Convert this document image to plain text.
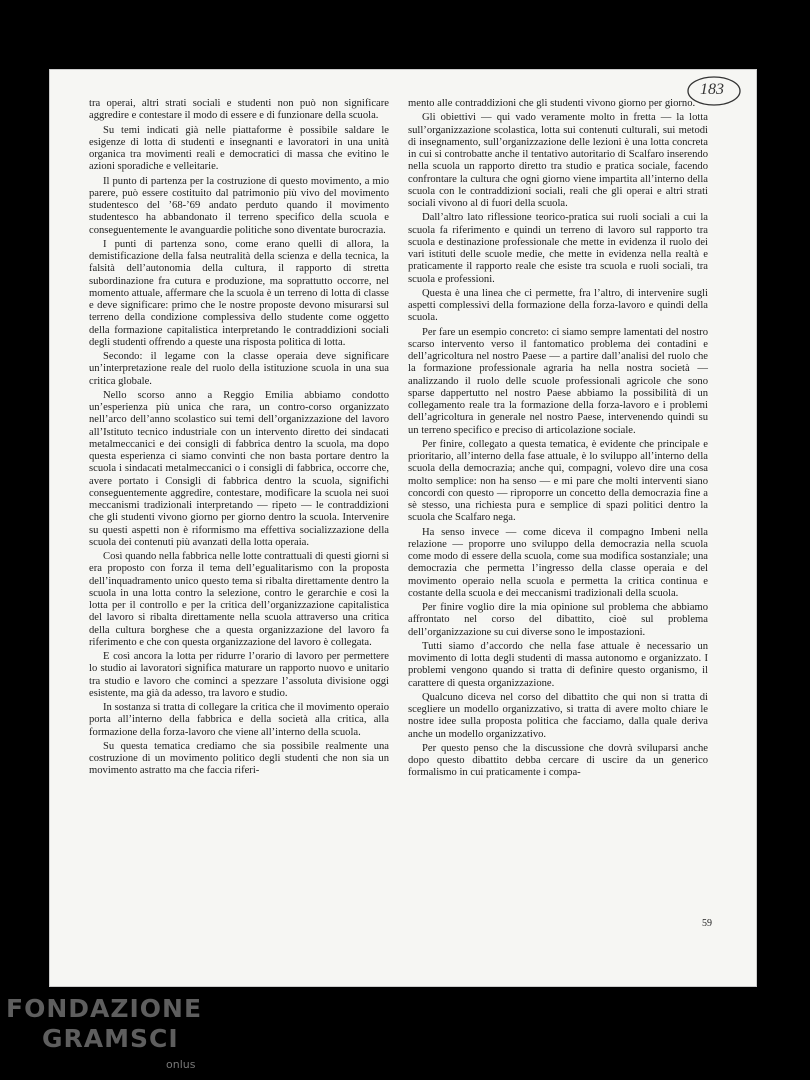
183

tra operai, altri strati sociali e studenti non può non significare aggredire e contestare il modo di essere e di funzionare della scuola.

Su temi indicati già nelle piattaforme è possibile saldare le esigenze di lotta di studenti e insegnanti e lavoratori in una unità organica tra movimenti reali e democratici di massa che evitino le azioni sporadiche e velleitarie.

Il punto di partenza per la costruzione di questo movimento, a mio parere, può essere costituito dal patrimonio più vivo del movimento studentesco del ’68-’69 andato perduto quando il movimento studentesco ha abbandonato il terreno specifico della scuola e conseguentemente le avanguardie politiche sono diventate burocrazia.

I punti di partenza sono, come erano quelli di allora, la demistificazione della falsa neutralità della scienza e della tecnica, la falsità dell’autonomia della cultura, il rapporto di stretta subordinazione fra cutura e produzione, ma soprattutto occorre, nel momento attuale, affermare che la scuola è un terreno di lotta di classe e deve significare: primo che le nostre proposte devono misurarsi sul terreno della condizione complessiva dello studente come oggetto della formazione capitalistica interpretando le contraddizioni sociali degli studenti offrendo a queste una risposta politica di lotta.

Secondo: il legame con la classe operaia deve significare un’interpretazione reale del ruolo della istituzione scuola in una sua critica globale.

Nello scorso anno a Reggio Emilia abbiamo condotto un’esperienza più unica che rara, un contro-corso organizzato nell’arco dell’anno scolastico sui temi dell’organizzazione del lavoro all’Istituto tecnico industriale con un intervento diretto dei sindacati metalmeccanici e dei consigli di fabbrica dentro la scuola, ma dopo questa esperienza ci siamo convinti che non basta portare dentro la scuola i sindacati metalmeccanici o i consigli di fabbrica, occorre che, avere portato i Consigli di fabbrica dentro la scuola, significhi conseguentemente aggredire, contestare, modificare la scuola nei suoi meccanismi tradizionali interpretando — ripeto — le contraddizioni che gli studenti vivono giorno per giorno dentro la scuola. Intervenire su questi aspetti non è riformismo ma effettiva socializzazione della scuola dei contenuti più avanzati della lotta operaia.

Così quando nella fabbrica nelle lotte contrattuali di questi giorni si era proposto con forza il tema dell’egualitarismo con la proposta dell’inquadramento unico questo tema si ribalta direttamente dentro la scuola in una lotta contro la selezione, contro le gerarchie e così la lotta per il controllo e per la critica dell’organizzazione capitalistica del lavoro si ribalta direttamente nella scuola attraverso una critica della cultura borghese che a questa organizzazione del lavoro fa riferimento e che con questa organizzazione del lavoro è collegata.

E così ancora la lotta per ridurre l’orario di lavoro per permettere lo studio ai lavoratori significa maturare un rapporto nuovo e unitario tra studio e lavoro che cominci a spezzare l’assoluta divisione oggi esistente, ma già da adesso, tra lavoro e studio.

In sostanza si tratta di collegare la critica che il movimento operaio porta all’interno della fabbrica e della società alla critica, alla formazione della forza-lavoro che viene all’interno della scuola.

Su questa tematica crediamo che sia possibile realmente una costruzione di un movimento politico degli studenti che non sia un movimento astratto ma che faccia riferi-

mento alle contraddizioni che gli studenti vivono giorno per giorno.

Gli obiettivi — qui vado veramente molto in fretta — la lotta sull’organizzazione scolastica, lotta sui contenuti culturali, sui metodi di insegnamento, sull’organizzazione delle lezioni è una lotta concreta in cui si controbatte anche il tentativo autoritario di Scalfaro inserendo nella scuola un rapporto diretto tra studio e pratica sociale, facendo confrontare la cultura che ogni giorno viene impartita all’interno della scuola con le contraddizioni sociali, reali che gli operai e altri strati sociali vivono al di fuori della scuola.

Dall’altro lato riflessione teorico-pratica sui ruoli sociali a cui la scuola fa riferimento e quindi un terreno di lavoro sul rapporto tra scuola e destinazione professionale che mette in evidenza il ruolo dei vari istituti delle scuole medie, che mette in evidenza nella realtà e praticamente il rapporto reale che esiste tra scuola e ruoli sociali, tra scuola e professioni.

Questa è una linea che ci permette, fra l’altro, di intervenire sugli aspetti complessivi della formazione della forza-lavoro e quindi della scuola.

Per fare un esempio concreto: ci siamo sempre lamentati del nostro scarso intervento verso il fantomatico problema dei contadini e dell’agricoltura nel nostro Paese — a partire dall’analisi del ruolo che la formazione professionale agraria ha nella nostra società — analizzando il ruolo delle scuole professionali agricole che sono sparse dappertutto nel nostro Paese abbiamo la possibilità di un collegamento reale tra la formazione della forza-lavoro e i problemi dell’agricoltura in generale nel nostro Paese, intervenendo quindi su un terreno specifico e preciso di articolazione sociale.

Per finire, collegato a questa tematica, è evidente che principale e prioritario, all’interno della fase attuale, è lo sviluppo all’interno della scuola della democrazia; anche qui, compagni, volevo dire una cosa molto semplice: non ha senso — e mi pare che molti interventi siano concordi con questo — riproporre un concetto della democrazia fine a sè stesso, una richiesta pura e semplice di spazi politici dentro la scuola che Scalfaro nega.

Ha senso invece — come diceva il compagno Imbeni nella relazione — proporre uno sviluppo della democrazia nella scuola come modo di essere della scuola, come sua modifica sostanziale; una democrazia che permetta l’ingresso della classe operaia e del movimento operaio nella scuola e permetta la critica continua e costante della scuola e dei meccanismi tradizionali della scuola.

Per finire voglio dire la mia opinione sul problema che abbiamo affrontato nel corso del dibattito, cioè sul problema dell’organizzazione su cui diverse sono le impostazioni.

Tutti siamo d’accordo che nella fase attuale è necessario un movimento di lotta degli studenti di massa autonomo e organizzato. I problemi vengono quando si tratta di definire questo organismo, il carattere di questa organizzazione.

Qualcuno diceva nel corso del dibattito che qui non si tratta di scegliere un modello organizzativo, si tratta di avere molto chiare le nostre idee sulla proposta politica che facciamo, dalla quale deriva anche un modello organizzativo.

Per questo penso che la discussione che dovrà sviluparsi anche dopo questo dibattito debba cercare di uscire da un generico formalismo in cui praticamente i compa-

59
FONDAZIONE
GRAMSCI
onlus
